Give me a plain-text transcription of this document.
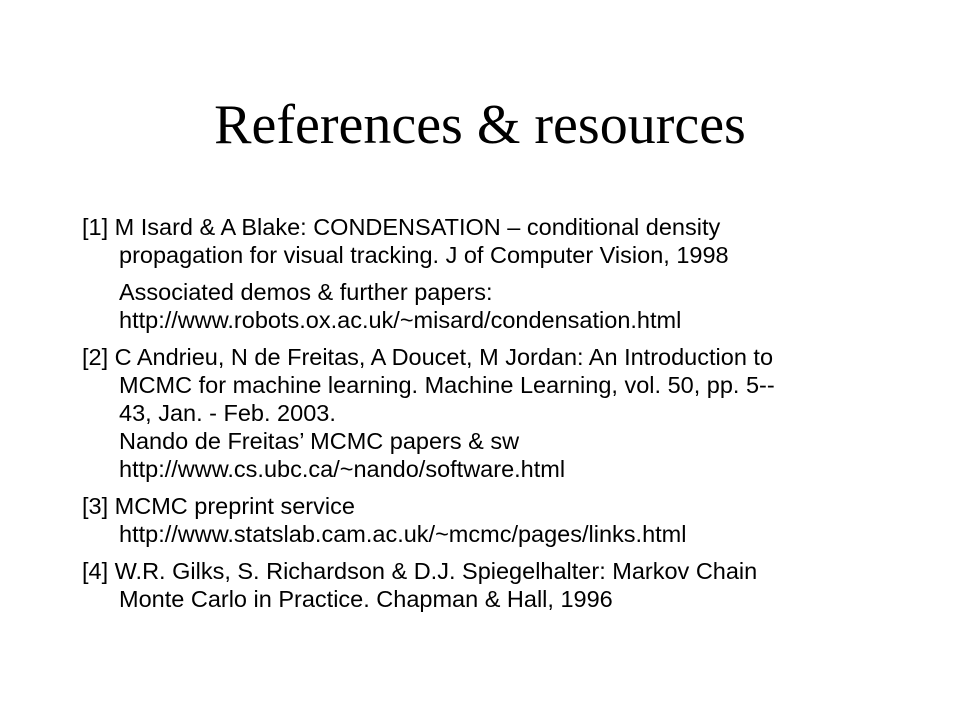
References & resources
[1] M Isard & A Blake: CONDENSATION – conditional density
propagation for visual tracking. J of Computer Vision, 1998
Associated demos & further papers:
http://www.robots.ox.ac.uk/~misard/condensation.html
[2] C Andrieu, N de Freitas, A Doucet, M Jordan: An Introduction to
MCMC for machine learning. Machine Learning, vol. 50, pp. 5--
43, Jan. - Feb. 2003.
Nando de Freitas’ MCMC papers & sw
http://www.cs.ubc.ca/~nando/software.html
[3] MCMC preprint service
http://www.statslab.cam.ac.uk/~mcmc/pages/links.html
[4] W.R. Gilks, S. Richardson & D.J. Spiegelhalter: Markov Chain
Monte Carlo in Practice. Chapman & Hall, 1996
